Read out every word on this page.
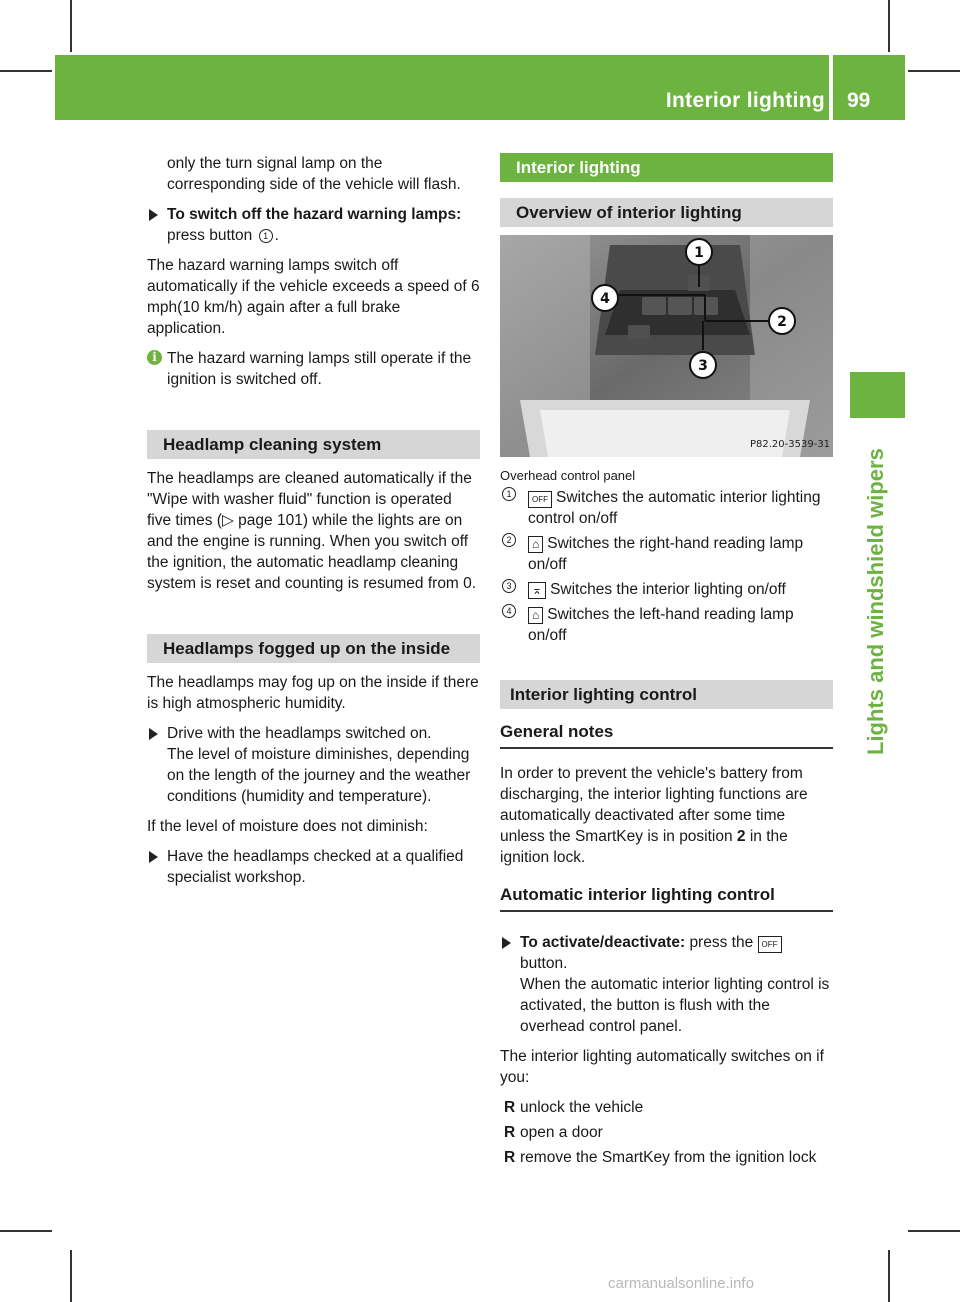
Interior lighting 99
Lights and windshield wipers

only the turn signal lamp on the corresponding side of the vehicle will flash.

To switch off the hazard warning lamps: press button 1 .

The hazard warning lamps switch off automatically if the vehicle exceeds a speed of 6 mph(10 km/h) again after a full brake application.

i The hazard warning lamps still operate if the ignition is switched off.
Headlamp cleaning system

The headlamps are cleaned automatically if the "Wipe with washer fluid" function is operated five times (▷ page 101) while the lights are on and the engine is running. When you switch off the ignition, the automatic headlamp cleaning system is reset and counting is resumed from 0.

Headlamps fogged up on the inside

The headlamps may fog up on the inside if there is high atmospheric humidity.

Drive with the headlamps switched on.
The level of moisture diminishes, depending on the length of the journey and the weather conditions (humidity and temperature).

If the level of moisture does not diminish:

Have the headlamps checked at a qualified specialist workshop.
Interior lighting
Overview of interior lighting
P82.20-3539-31
1
2
3
4
Overhead control panel
1
OFF Switches the automatic interior lighting control on/off
2	⌂ Switches the right-hand reading lamp on/off
3	⌅ Switches the interior lighting on/off
4	⌂ Switches the left-hand reading lamp on/off
Interior lighting control
General notes

In order to prevent the vehicle's battery from discharging, the interior lighting functions are automatically deactivated after some time unless the SmartKey is in position 2 in the ignition lock.

Automatic interior lighting control
To activate/deactivate: press the OFF
button.
When the automatic interior lighting control is activated, the button is flush with the overhead control panel.

The interior lighting automatically switches on if you:

R unlock the vehicle
R open a door
R remove the SmartKey from the ignition lock
carmanualsonline.info
